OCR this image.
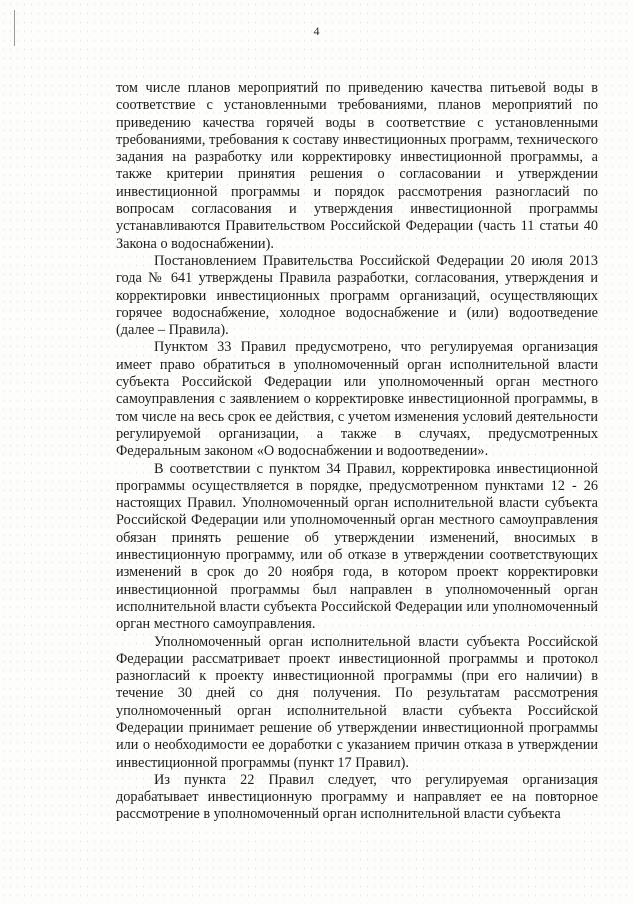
4

том числе планов мероприятий по приведению качества питьевой воды в соответствие с установленными требованиями, планов мероприятий по приведению качества горячей воды в соответствие с установленными требованиями, требования к составу инвестиционных программ, технического задания на разработку или корректировку инвестиционной программы, а также критерии принятия решения о согласовании и утверждении инвестиционной программы и порядок рассмотрения разногласий по вопросам согласования и утверждения инвестиционной программы устанавливаются Правительством Российской Федерации (часть 11 статьи 40 Закона о водоснабжении).

Постановлением Правительства Российской Федерации 20 июля 2013 года № 641 утверждены Правила разработки, согласования, утверждения и корректировки инвестиционных программ организаций, осуществляющих горячее водоснабжение, холодное водоснабжение и (или) водоотведение (далее – Правила).

Пунктом 33 Правил предусмотрено, что регулируемая организация имеет право обратиться в уполномоченный орган исполнительной власти субъекта Российской Федерации или уполномоченный орган местного самоуправления с заявлением о корректировке инвестиционной программы, в том числе на весь срок ее действия, с учетом изменения условий деятельности регулируемой организации, а также в случаях, предусмотренных Федеральным законом «О водоснабжении и водоотведении».

В соответствии с пунктом 34 Правил, корректировка инвестиционной программы осуществляется в порядке, предусмотренном пунктами 12 - 26 настоящих Правил. Уполномоченный орган исполнительной власти субъекта Российской Федерации или уполномоченный орган местного самоуправления обязан принять решение об утверждении изменений, вносимых в инвестиционную программу, или об отказе в утверждении соответствующих изменений в срок до 20 ноября года, в котором проект корректировки инвестиционной программы был направлен в уполномоченный орган исполнительной власти субъекта Российской Федерации или уполномоченный орган местного самоуправления.

Уполномоченный орган исполнительной власти субъекта Российской Федерации рассматривает проект инвестиционной программы и протокол разногласий к проекту инвестиционной программы (при его наличии) в течение 30 дней со дня получения. По результатам рассмотрения уполномоченный орган исполнительной власти субъекта Российской Федерации принимает решение об утверждении инвестиционной программы или о необходимости ее доработки с указанием причин отказа в утверждении инвестиционной программы (пункт 17 Правил).

Из пункта 22 Правил следует, что регулируемая организация дорабатывает инвестиционную программу и направляет ее на повторное рассмотрение в уполномоченный орган исполнительной власти субъекта
